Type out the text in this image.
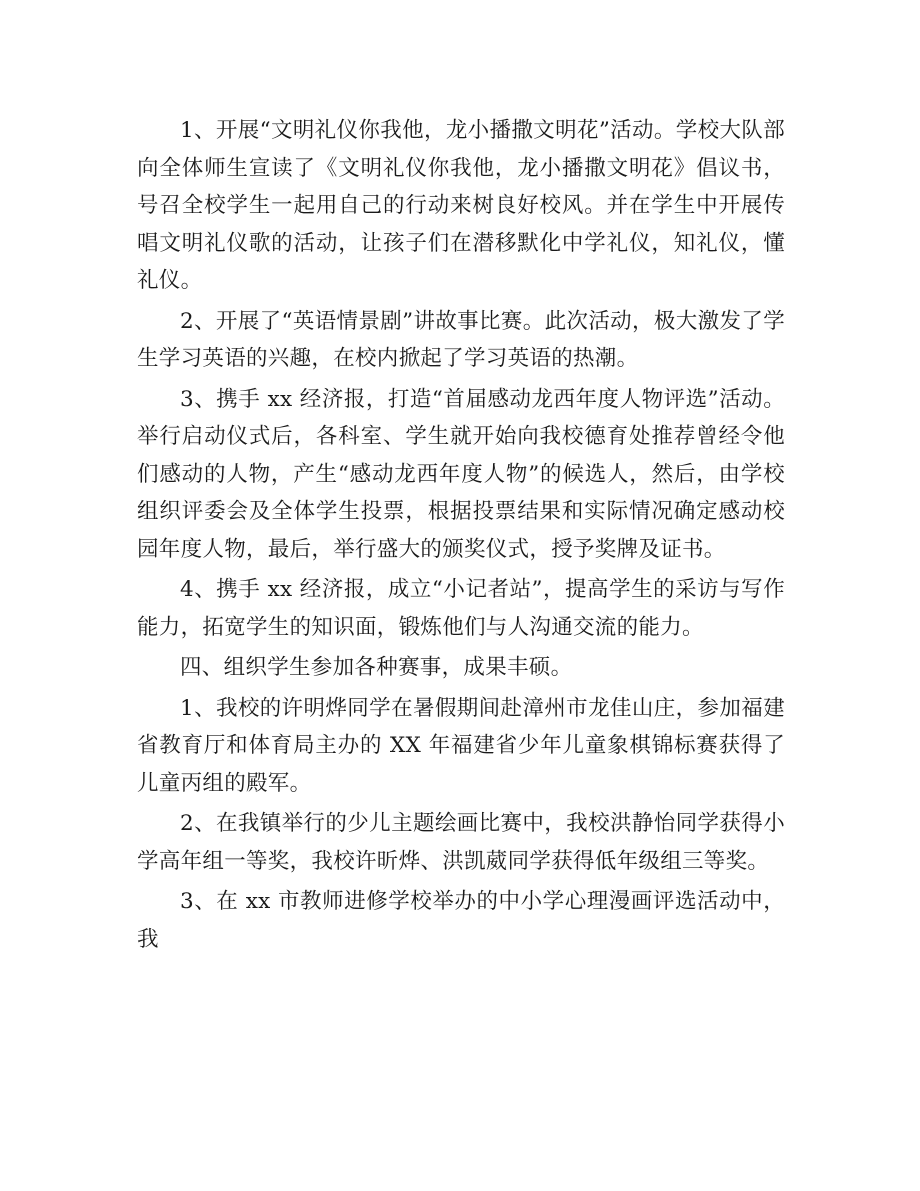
1、开展“文明礼仪你我他，龙小播撒文明花”活动。学校大队部向全体师生宣读了《文明礼仪你我他，龙小播撒文明花》倡议书，号召全校学生一起用自己的行动来树良好校风。并在学生中开展传唱文明礼仪歌的活动，让孩子们在潜移默化中学礼仪，知礼仪，懂礼仪。

2、开展了“英语情景剧”讲故事比赛。此次活动，极大激发了学生学习英语的兴趣，在校内掀起了学习英语的热潮。

3、携手 xx 经济报，打造“首届感动龙西年度人物评选”活动。举行启动仪式后，各科室、学生就开始向我校德育处推荐曾经令他们感动的人物，产生“感动龙西年度人物”的候选人，然后，由学校组织评委会及全体学生投票，根据投票结果和实际情况确定感动校园年度人物，最后，举行盛大的颁奖仪式，授予奖牌及证书。

4、携手 xx 经济报，成立“小记者站”，提高学生的采访与写作能力，拓宽学生的知识面，锻炼他们与人沟通交流的能力。

四、组织学生参加各种赛事，成果丰硕。

1、我校的许明烨同学在暑假期间赴漳州市龙佳山庄，参加福建省教育厅和体育局主办的 XX 年福建省少年儿童象棋锦标赛获得了儿童丙组的殿军。

2、在我镇举行的少儿主题绘画比赛中，我校洪静怡同学获得小学高年组一等奖，我校许昕烨、洪凯葳同学获得低年级组三等奖。

3、在 xx 市教师进修学校举办的中小学心理漫画评选活动中，我
